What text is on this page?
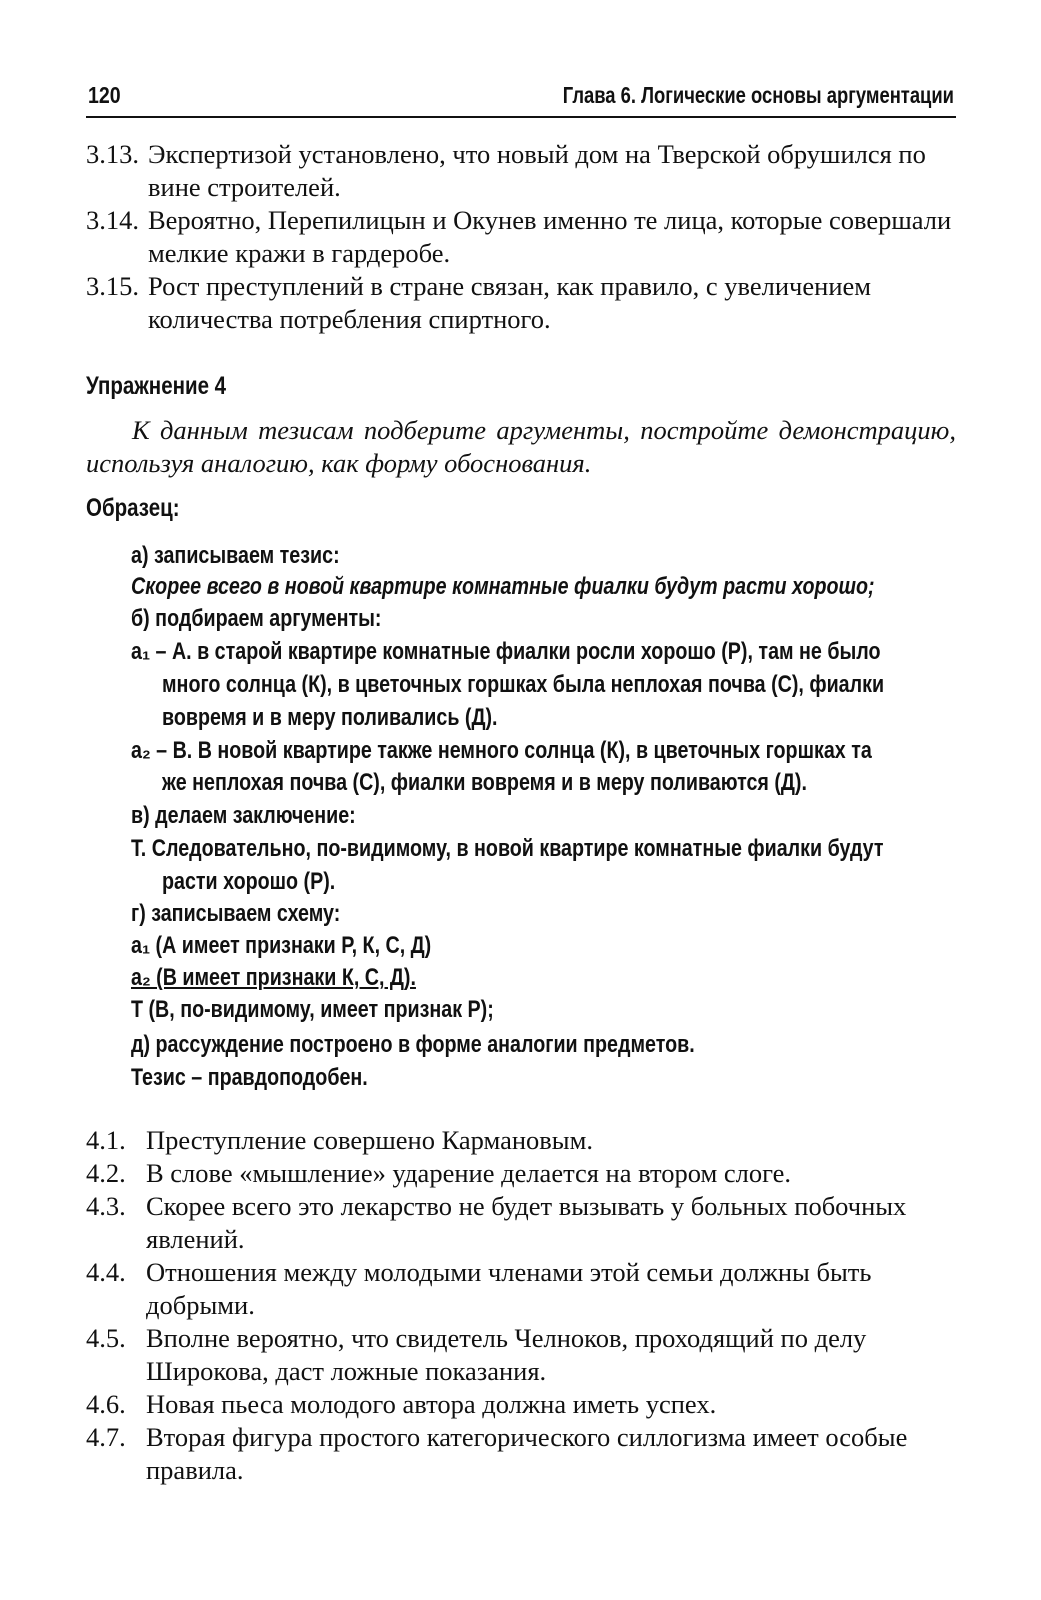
120	Глава 6. Логические основы аргументации
3.13. Экспертизой установлено, что новый дом на Тверской обрушился по вине строителей.
3.14. Вероятно, Перепилицын и Окунев именно те лица, которые совершали мелкие кражи в гардеробе.
3.15. Рост преступлений в стране связан, как правило, с увеличением количества потребления спиртного.
Упражнение 4
К данным тезисам подберите аргументы, постройте демонстрацию, используя аналогию, как форму обоснования.
Образец:
а) записываем тезис:
Скорее всего в новой квартире комнатные фиалки будут расти хорошо;
б) подбираем аргументы:
а₁ – А. в старой квартире комнатные фиалки росли хорошо (Р), там не было
много солнца (К), в цветочных горшках была неплохая почва (С), фиалки
вовремя и в меру поливались (Д).
а₂ – В. В новой квартире также немного солнца (К), в цветочных горшках та
же неплохая почва (С), фиалки вовремя и в меру поливаются (Д).
в) делаем заключение:
Т. Следовательно, по-видимому, в новой квартире комнатные фиалки будут
расти хорошо (Р).
г) записываем схему:
а₁ (А имеет признаки Р, К, С, Д)
а₂ (В имеет признаки К, С, Д).
Т (В, по-видимому, имеет признак Р);
д) рассуждение построено в форме аналогии предметов.
Тезис – правдоподобен.
4.1. Преступление совершено Кармановым.
4.2. В слове «мышление» ударение делается на втором слоге.
4.3. Скорее всего это лекарство не будет вызывать у больных побочных явлений.
4.4. Отношения между молодыми членами этой семьи должны быть добрыми.
4.5. Вполне вероятно, что свидетель Челноков, проходящий по делу Широкова, даст ложные показания.
4.6. Новая пьеса молодого автора должна иметь успех.
4.7. Вторая фигура простого категорического силлогизма имеет особые правила.
